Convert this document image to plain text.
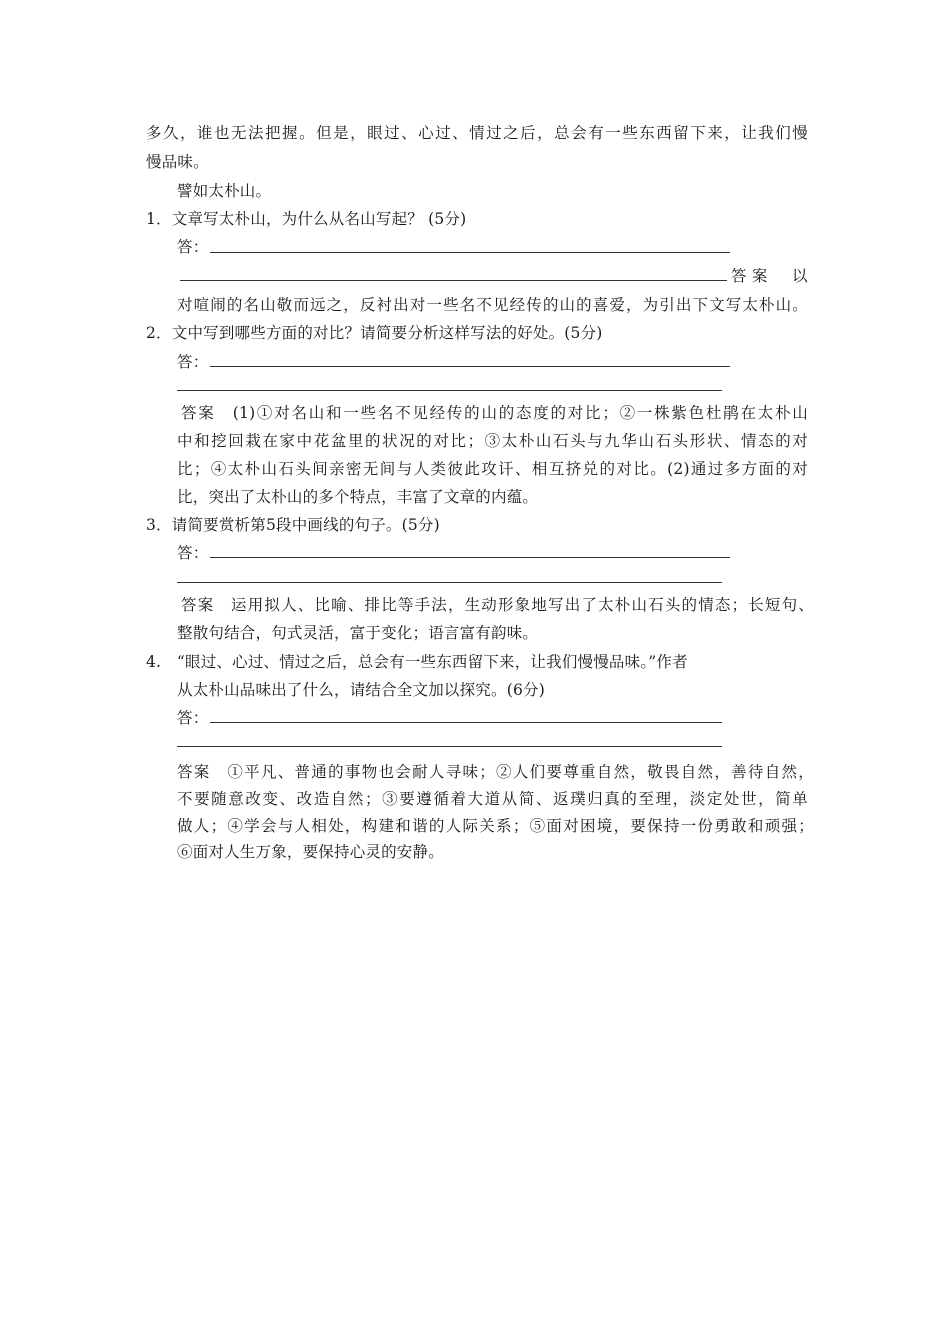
多久，谁也无法把握。但是，眼过、心过、情过之后，总会有一些东西留下来，让我们慢
慢品味。
譬如太朴山。
1．文章写太朴山，为什么从名山写起？ (5分)
答：
答 案 以
对喧闹的名山敬而远之，反衬出对一些名不见经传的山的喜爱，为引出下文写太朴山。
2．文中写到哪些方面的对比？请简要分析这样写法的好处。(5分)
答：
答案　(1)①对名山和一些名不见经传的山的态度的对比；②一株紫色杜鹃在太朴山
中和挖回栽在家中花盆里的状况的对比；③太朴山石头与九华山石头形状、情态的对
比；④太朴山石头间亲密无间与人类彼此攻讦、相互挤兑的对比。(2)通过多方面的对
比，突出了太朴山的多个特点，丰富了文章的内蕴。
3．请简要赏析第5段中画线的句子。(5分)
答：
答案　运用拟人、比喻、排比等手法，生动形象地写出了太朴山石头的情态；长短句、
整散句结合，句式灵活，富于变化；语言富有韵味。
4.　“眼过、心过、情过之后，总会有一些东西留下来，让我们慢慢品味。”作者
从太朴山品味出了什么，请结合全文加以探究。(6分)
答：
答案　①平凡、普通的事物也会耐人寻味；②人们要尊重自然，敬畏自然，善待自然，
不要随意改变、改造自然；③要遵循着大道从简、返璞归真的至理，淡定处世，简单
做人；④学会与人相处，构建和谐的人际关系；⑤面对困境，要保持一份勇敢和顽强；
⑥面对人生万象，要保持心灵的安静。
